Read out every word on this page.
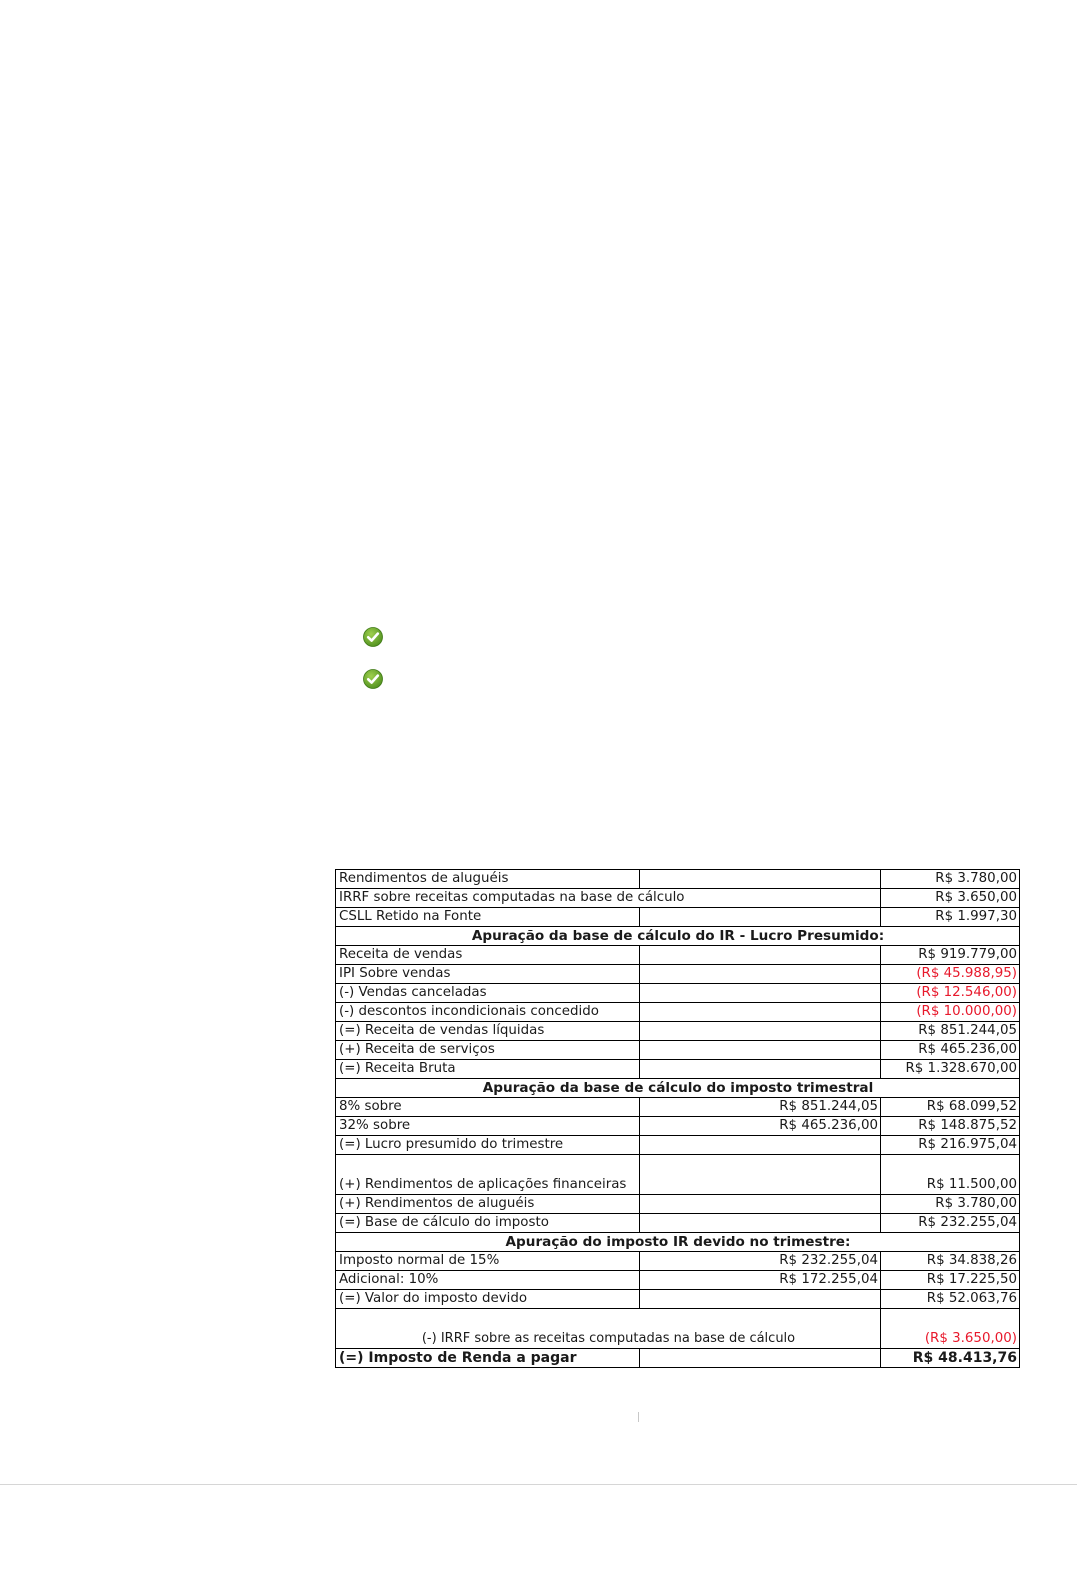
Rendimentos de aluguéis		R$ 3.780,00
IRRF sobre receitas computadas na base de cálculo		R$ 3.650,00
CSLL Retido na Fonte		R$ 1.997,30
Apuração da base de cálculo do IR - Lucro Presumido:		
Receita de vendas		R$ 919.779,00
IPI Sobre vendas		(R$ 45.988,95)
(-) Vendas canceladas		(R$ 12.546,00)
(-) descontos incondicionais concedido		(R$ 10.000,00)
(=) Receita de vendas líquidas		R$ 851.244,05
(+) Receita de serviços		R$ 465.236,00
(=) Receita Bruta		R$ 1.328.670,00
Apuração da base de cálculo do imposto trimestral		
8% sobre	R$ 851.244,05	R$ 68.099,52
32% sobre	R$ 465.236,00	R$ 148.875,52
(=) Lucro presumido do trimestre		R$ 216.975,04
(+) Rendimentos de aplicações financeiras		R$ 11.500,00
(+) Rendimentos de aluguéis		R$ 3.780,00
(=) Base de cálculo do imposto		R$ 232.255,04
Apuração do imposto IR devido no trimestre:		
Imposto normal de 15%	R$ 232.255,04	R$ 34.838,26
Adicional: 10%	R$ 172.255,04	R$ 17.225,50
(=) Valor do imposto devido		R$ 52.063,76
(-) IRRF sobre as receitas computadas na base de cálculo		(R$ 3.650,00)
(=) Imposto de Renda a pagar		R$ 48.413,76
